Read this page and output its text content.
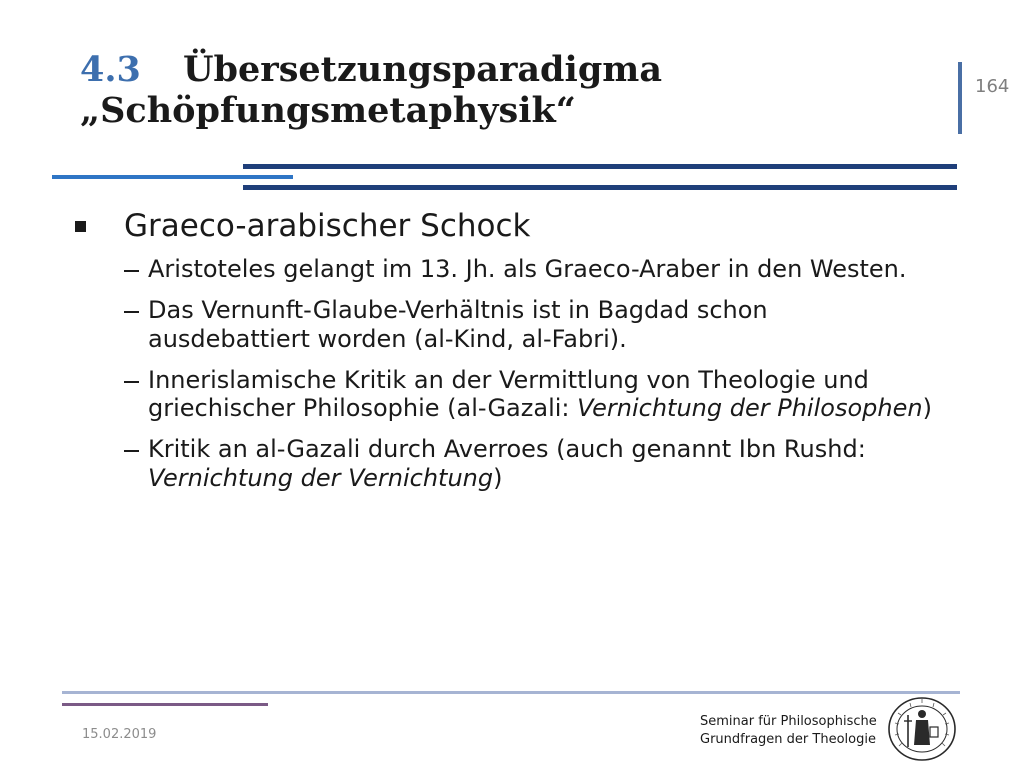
4.3 Übersetzungsparadigma
„Schöpfungsmetaphysik“
164
Graeco-arabischer Schock
Aristoteles gelangt im 13. Jh. als Graeco-Araber in den Westen.
Das Vernunft-Glaube-Verhältnis ist in Bagdad schon ausdebattiert worden (al-Kind, al-Fabri).
Innerislamische Kritik an der Vermittlung von Theologie und griechischer Philosophie (al-Gazali: Vernichtung der Philosophen)
Kritik an al-Gazali durch Averroes (auch genannt Ibn Rushd: Vernichtung der Vernichtung)
15.02.2019
Seminar für Philosophische
Grundfragen der Theologie
